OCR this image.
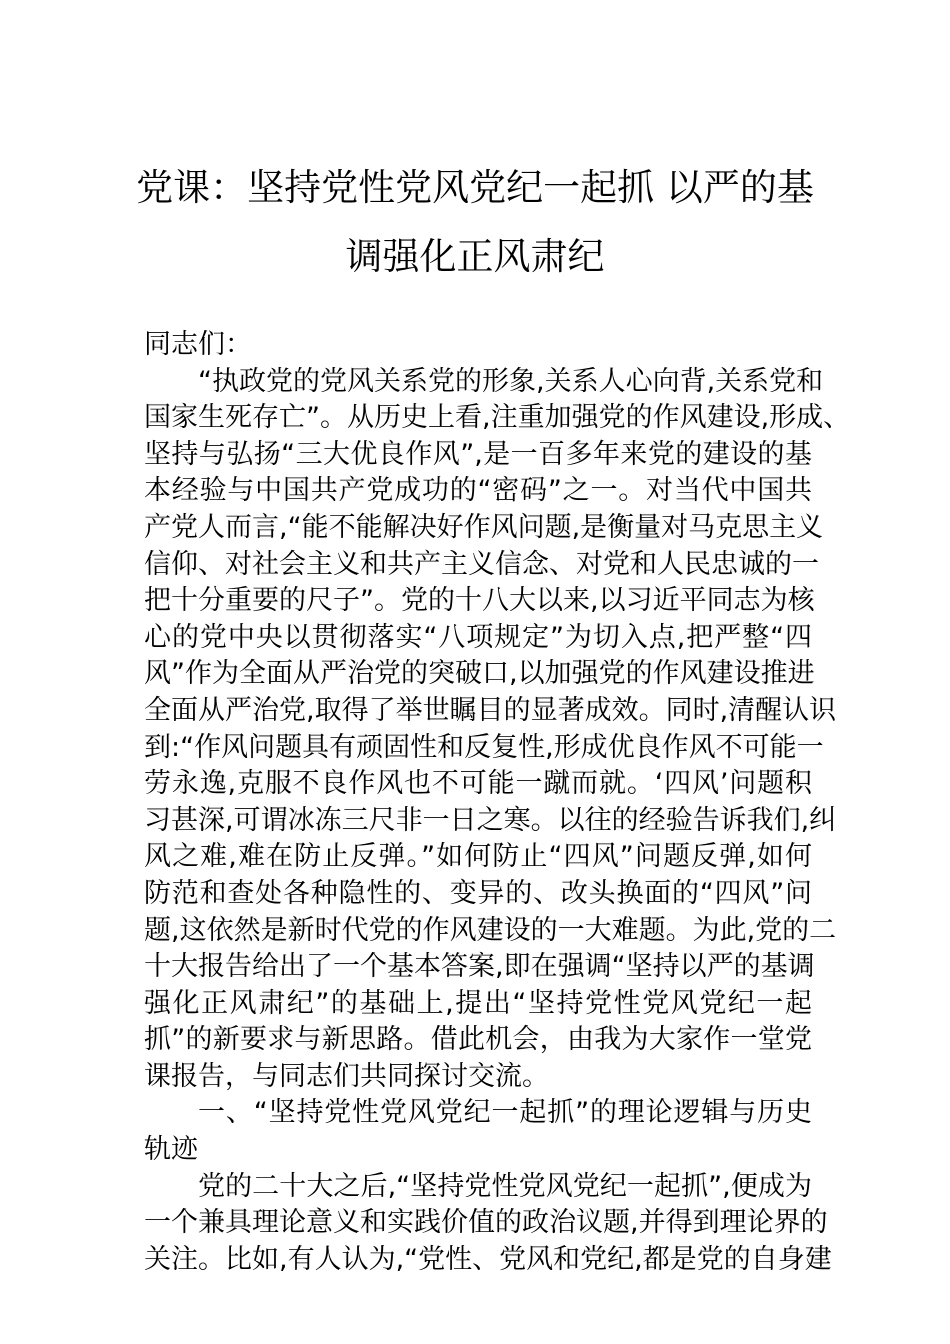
党课：坚持党性党风党纪一起抓 以严的基
调强化正风肃纪
同志们：
“执政党的党风关系党的形象,关系人心向背,关系党和
国家生死存亡”。从历史上看,注重加强党的作风建设,形成、
坚持与弘扬“三大优良作风”,是一百多年来党的建设的基
本经验与中国共产党成功的“密码”之一。对当代中国共
产党人而言,“能不能解决好作风问题,是衡量对马克思主义
信仰、对社会主义和共产主义信念、对党和人民忠诚的一
把十分重要的尺子”。党的十八大以来,以习近平同志为核
心的党中央以贯彻落实“八项规定”为切入点,把严整“四
风”作为全面从严治党的突破口,以加强党的作风建设推进
全面从严治党,取得了举世瞩目的显著成效。同时,清醒认识
到:“作风问题具有顽固性和反复性,形成优良作风不可能一
劳永逸,克服不良作风也不可能一蹴而就。‘四风’问题积
习甚深,可谓冰冻三尺非一日之寒。以往的经验告诉我们,纠
风之难,难在防止反弹。”如何防止“四风”问题反弹,如何
防范和查处各种隐性的、变异的、改头换面的“四风”问
题,这依然是新时代党的作风建设的一大难题。为此,党的二
十大报告给出了一个基本答案,即在强调“坚持以严的基调
强化正风肃纪”的基础上,提出“坚持党性党风党纪一起
抓”的新要求与新思路。借此机会，由我为大家作一堂党
课报告，与同志们共同探讨交流。
一、“坚持党性党风党纪一起抓”的理论逻辑与历史
轨迹
党的二十大之后,“坚持党性党风党纪一起抓”,便成为
一个兼具理论意义和实践价值的政治议题,并得到理论界的
关注。比如,有人认为,“党性、党风和党纪,都是党的自身建
